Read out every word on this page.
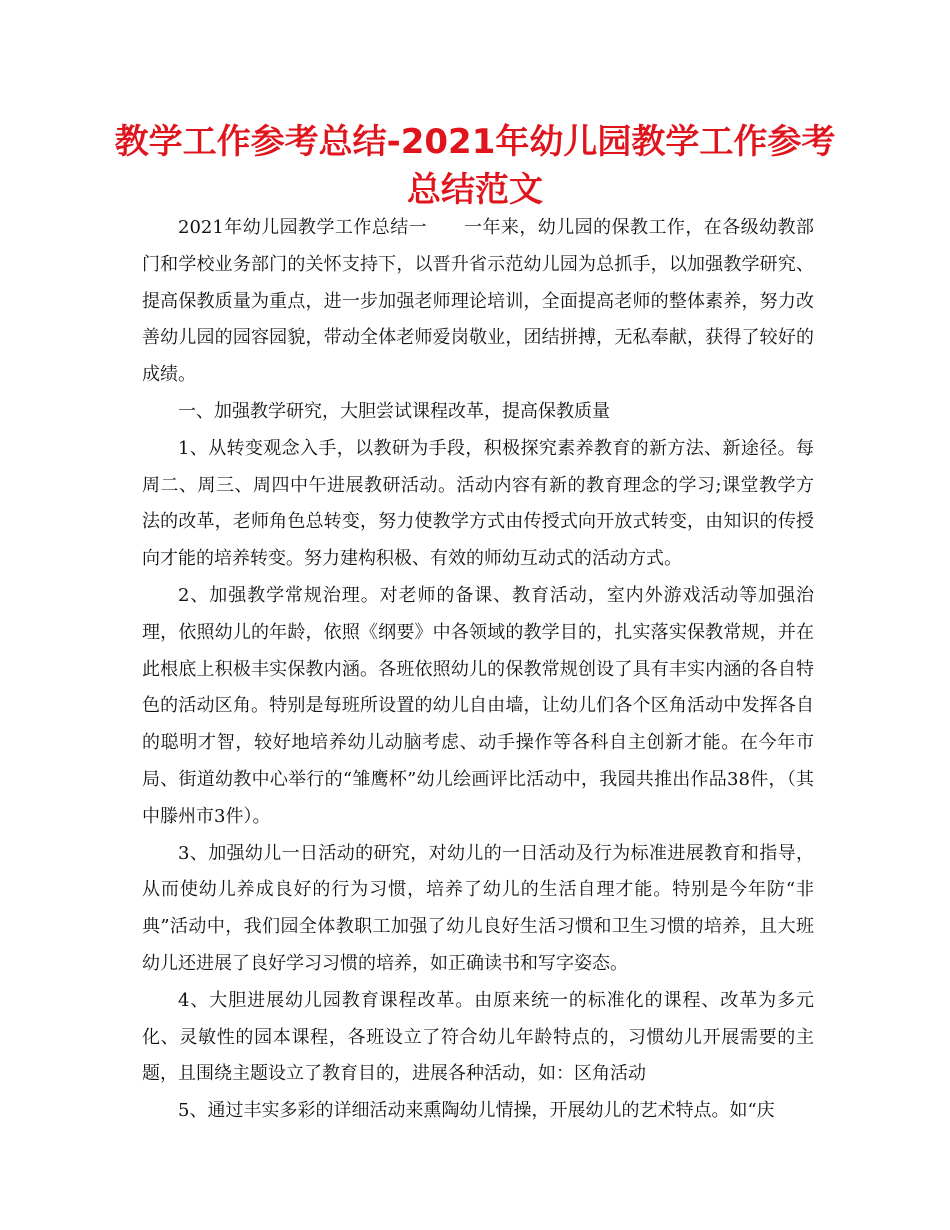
教学工作参考总结-2021年幼儿园教学工作参考总结范文

2021年幼儿园教学工作总结一　　一年来，幼儿园的保教工作，在各级幼教部门和学校业务部门的关怀支持下，以晋升省示范幼儿园为总抓手，以加强教学研究、提高保教质量为重点，进一步加强老师理论培训，全面提高老师的整体素养，努力改善幼儿园的园容园貌，带动全体老师爱岗敬业，团结拼搏，无私奉献，获得了较好的成绩。

一、加强教学研究，大胆尝试课程改革，提高保教质量

1、从转变观念入手，以教研为手段，积极探究素养教育的新方法、新途径。每周二、周三、周四中午进展教研活动。活动内容有新的教育理念的学习;课堂教学方法的改革，老师角色总转变，努力使教学方式由传授式向开放式转变，由知识的传授向才能的培养转变。努力建构积极、有效的师幼互动式的活动方式。

2、加强教学常规治理。对老师的备课、教育活动，室内外游戏活动等加强治理，依照幼儿的年龄，依照《纲要》中各领域的教学目的，扎实落实保教常规，并在此根底上积极丰实保教内涵。各班依照幼儿的保教常规创设了具有丰实内涵的各自特色的活动区角。特别是每班所设置的幼儿自由墙，让幼儿们各个区角活动中发挥各自的聪明才智，较好地培养幼儿动脑考虑、动手操作等各科自主创新才能。在今年市局、街道幼教中心举行的“雏鹰杯”幼儿绘画评比活动中，我园共推出作品38件，（其中滕州市3件）。

3、加强幼儿一日活动的研究，对幼儿的一日活动及行为标准进展教育和指导，从而使幼儿养成良好的行为习惯，培养了幼儿的生活自理才能。特别是今年防“非典”活动中，我们园全体教职工加强了幼儿良好生活习惯和卫生习惯的培养，且大班幼儿还进展了良好学习习惯的培养，如正确读书和写字姿态。

4、大胆进展幼儿园教育课程改革。由原来统一的标准化的课程、改革为多元化、灵敏性的园本课程，各班设立了符合幼儿年龄特点的，习惯幼儿开展需要的主题，且围绕主题设立了教育目的，进展各种活动，如：区角活动

5、通过丰实多彩的详细活动来熏陶幼儿情操，开展幼儿的艺术特点。如“庆
